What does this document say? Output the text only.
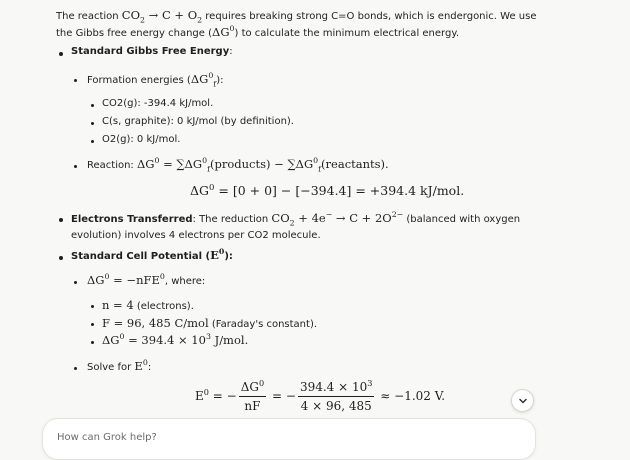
The reaction $CO_2 \to C + O_2$ requires breaking strong C=O bonds, which is endergonic. We use
the Gibbs free energy change $(\Delta G^0)$ to calculate the minimum electrical energy.
Standard Gibbs Free Energy:
Formation energies $(\Delta G^0_f)$:
CO2(g): -394.4 kJ/mol.
C(s, graphite): 0 kJ/mol (by definition).
O2(g): 0 kJ/mol.
Reaction: $\Delta G^0$ = $\sum\Delta G^0_f(products)$ − $\sum\Delta G^0_f(reactants)$.
$\Delta G^0 = [0 + 0] - [-394.4] = +394.4$ kJ/mol.
Electrons Transferred: The reduction $CO_2 + 4e^- \to C + 2O^{2-}$ (balanced with oxygen
evolution) involves 4 electrons per CO2 molecule.
Standard Cell Potential $(E^0)$:
$\Delta G^0 = -nFE^0$, where:
n = 4 (electrons).
F = 96, 485 C/mol (Faraday's constant).
$\Delta G^0 = 394.4 \times 10^3$ J/mol.
Solve for $E^0$:
$E^0$ = − $\frac{\Delta G^0}{nF}$ = − $\frac{394.4 \times 10^3}{4 \times 96, 485} \approx -1.02$ V.
How can Grok help?
